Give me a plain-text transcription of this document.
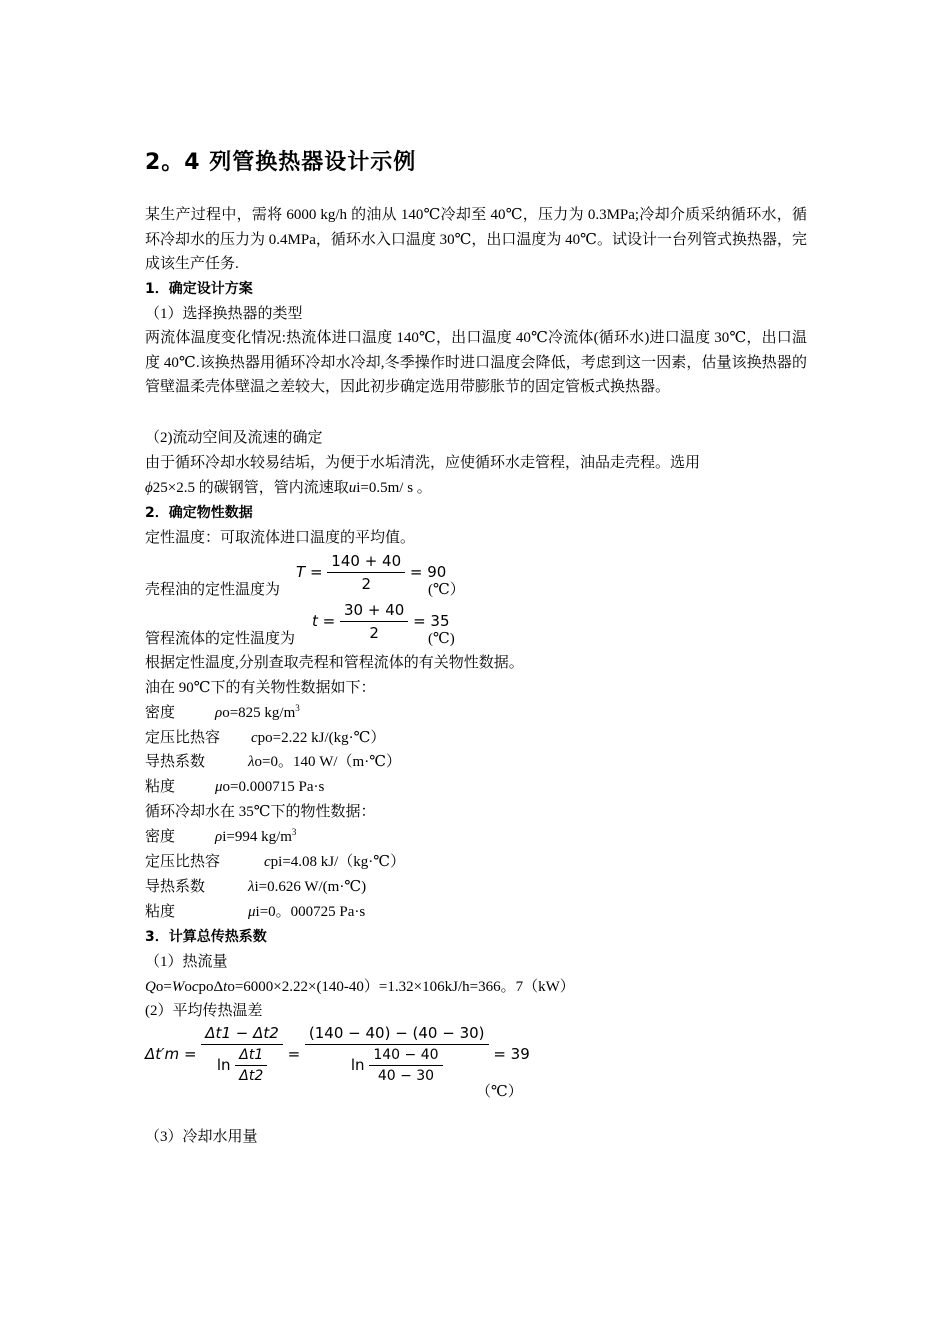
2。4 列管换热器设计示例
某生产过程中，需将 6000 kg/h 的油从 140℃冷却至 40℃，压力为 0.3MPa;冷却介质采纳循环水，循环冷却水的压力为 0.4MPa，循环水入口温度 30℃，出口温度为 40℃。试设计一台列管式换热器，完成该生产任务.
1．确定设计方案
（1）选择换热器的类型
两流体温度变化情况:热流体进口温度 140℃，出口温度 40℃冷流体(循环水)进口温度 30℃，出口温度 40℃.该换热器用循环冷却水冷却,冬季操作时进口温度会降低，考虑到这一因素，估量该换热器的管壁温柔壳体壁温之差较大，因此初步确定选用带膨胀节的固定管板式换热器。
（2)流动空间及流速的确定
由于循环冷却水较易结垢，为便于水垢清洗，应使循环水走管程，油品走壳程。选用
ϕ25×2.5 的碳钢管，管内流速取ui=0.5m/ s 。
2．确定物性数据
定性温度：可取流体进口温度的平均值。
壳程油的定性温度为
$T = \frac{140 + 40}{2} = 90$
(℃）
管程流体的定性温度为
$t = \frac{30 + 40}{2} = 35$
(℃)
根据定性温度,分别查取壳程和管程流体的有关物性数据。
油在 90℃下的有关物性数据如下：
密度	ρo=825 $kg/m^3$
定压比热容 cpo=2.22 kJ/(kg·℃）
导热系数	λo=0。140 W/（m·℃）
粘度	μo=0.000715 Pa·s
循环冷却水在 35℃下的物性数据：
密度	ρi=994 $kg/m^3$
定压比热容	cpi=4.08 kJ/（kg·℃）
导热系数	λi=0.626 W/(m·℃)
粘度	μi=0。000725 Pa·s
3．计算总传热系数
（1）热流量
Qo=WocpoΔto=6000×2.22×(140-40）=1.32×106kJ/h=366。7（kW）
(2）平均传热温差
$\Delta t'm = \frac{\Delta t1 - \Delta t2}{\ln \frac{\Delta t1}{\Delta t2}} = \frac{(140 - 40) - (40 - 30)}{\ln \frac{140 - 40}{40 - 30}} = 39$
（℃）
（3）冷却水用量
